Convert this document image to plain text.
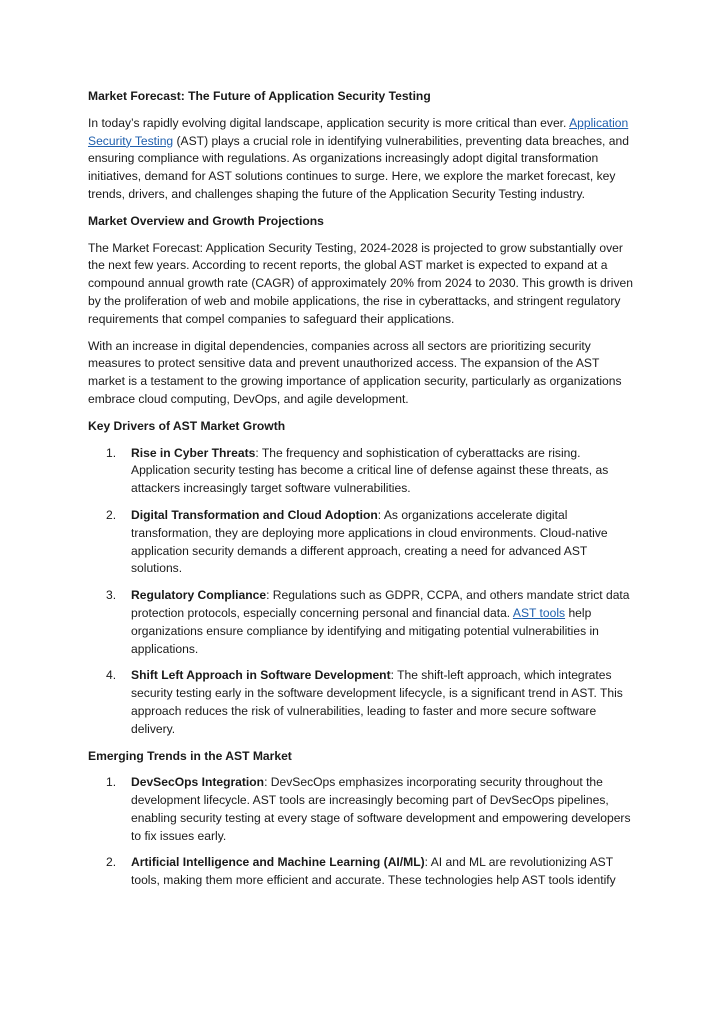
Market Forecast: The Future of Application Security Testing

In today’s rapidly evolving digital landscape, application security is more critical than ever. Application Security Testing (AST) plays a crucial role in identifying vulnerabilities, preventing data breaches, and ensuring compliance with regulations. As organizations increasingly adopt digital transformation initiatives, demand for AST solutions continues to surge. Here, we explore the market forecast, key trends, drivers, and challenges shaping the future of the Application Security Testing industry.

Market Overview and Growth Projections

The Market Forecast: Application Security Testing, 2024-2028 is projected to grow substantially over the next few years. According to recent reports, the global AST market is expected to expand at a compound annual growth rate (CAGR) of approximately 20% from 2024 to 2030. This growth is driven by the proliferation of web and mobile applications, the rise in cyberattacks, and stringent regulatory requirements that compel companies to safeguard their applications.

With an increase in digital dependencies, companies across all sectors are prioritizing security measures to protect sensitive data and prevent unauthorized access. The expansion of the AST market is a testament to the growing importance of application security, particularly as organizations embrace cloud computing, DevOps, and agile development.

Key Drivers of AST Market Growth
1. Rise in Cyber Threats: The frequency and sophistication of cyberattacks are rising. Application security testing has become a critical line of defense against these threats, as attackers increasingly target software vulnerabilities.
2. Digital Transformation and Cloud Adoption: As organizations accelerate digital transformation, they are deploying more applications in cloud environments. Cloud-native application security demands a different approach, creating a need for advanced AST solutions.
3. Regulatory Compliance: Regulations such as GDPR, CCPA, and others mandate strict data protection protocols, especially concerning personal and financial data. AST tools help organizations ensure compliance by identifying and mitigating potential vulnerabilities in applications.
4. Shift Left Approach in Software Development: The shift-left approach, which integrates security testing early in the software development lifecycle, is a significant trend in AST. This approach reduces the risk of vulnerabilities, leading to faster and more secure software delivery.
Emerging Trends in the AST Market
1. DevSecOps Integration: DevSecOps emphasizes incorporating security throughout the development lifecycle. AST tools are increasingly becoming part of DevSecOps pipelines, enabling security testing at every stage of software development and empowering developers to fix issues early.
2. Artificial Intelligence and Machine Learning (AI/ML): AI and ML are revolutionizing AST tools, making them more efficient and accurate. These technologies help AST tools identify
